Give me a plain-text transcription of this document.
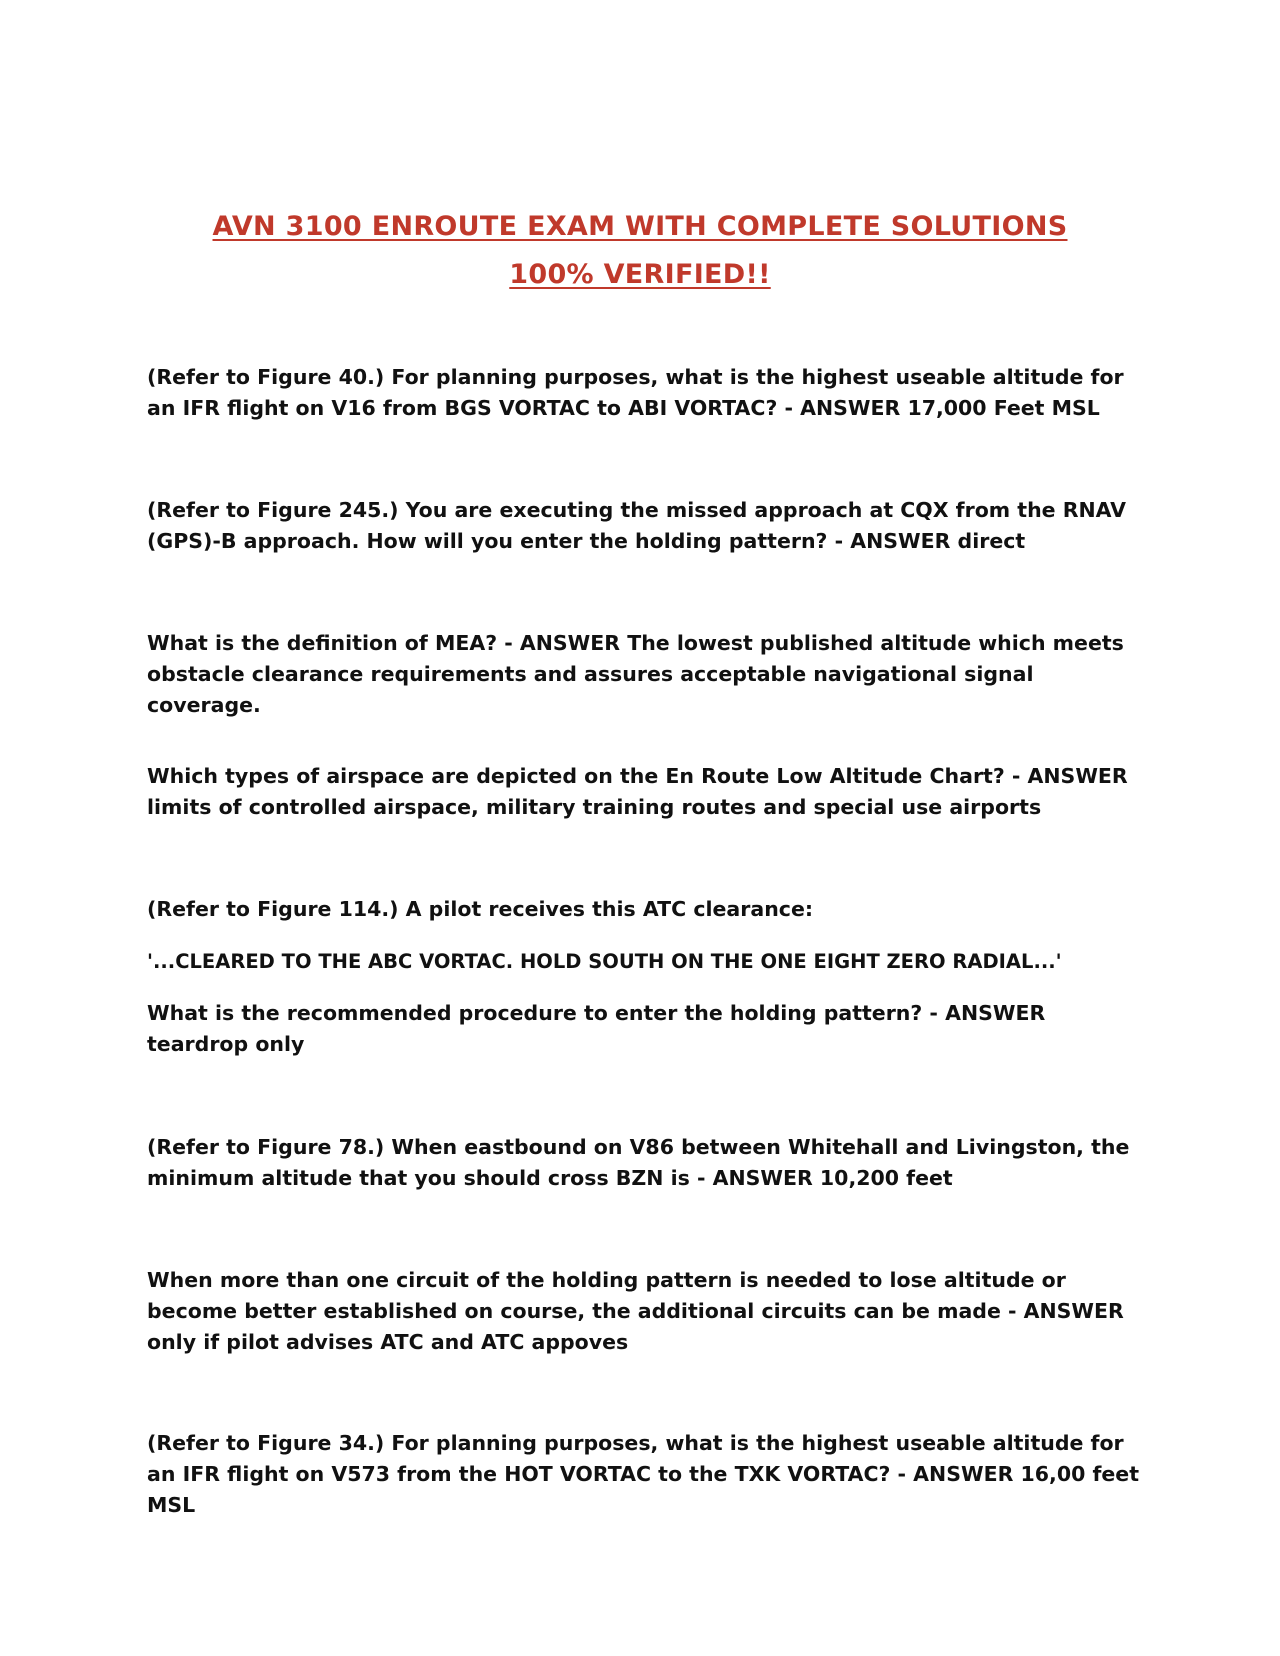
AVN 3100 ENROUTE EXAM WITH COMPLETE SOLUTIONS
100% VERIFIED!!

(Refer to Figure 40.) For planning purposes, what is the highest useable altitude for an IFR flight on V16 from BGS VORTAC to ABI VORTAC? - ANSWER 17,000 Feet MSL

(Refer to Figure 245.) You are executing the missed approach at CQX from the RNAV (GPS)-B approach. How will you enter the holding pattern? - ANSWER direct

What is the definition of MEA? - ANSWER The lowest published altitude which meets obstacle clearance requirements and assures acceptable navigational signal coverage.

Which types of airspace are depicted on the En Route Low Altitude Chart? - ANSWER limits of controlled airspace, military training routes and special use airports

(Refer to Figure 114.) A pilot receives this ATC clearance:

'...CLEARED TO THE ABC VORTAC. HOLD SOUTH ON THE ONE EIGHT ZERO RADIAL...'

What is the recommended procedure to enter the holding pattern? - ANSWER teardrop only

(Refer to Figure 78.) When eastbound on V86 between Whitehall and Livingston, the minimum altitude that you should cross BZN is - ANSWER 10,200 feet

When more than one circuit of the holding pattern is needed to lose altitude or become better established on course, the additional circuits can be made - ANSWER only if pilot advises ATC and ATC appoves

(Refer to Figure 34.) For planning purposes, what is the highest useable altitude for an IFR flight on V573 from the HOT VORTAC to the TXK VORTAC? - ANSWER 16,00 feet MSL
